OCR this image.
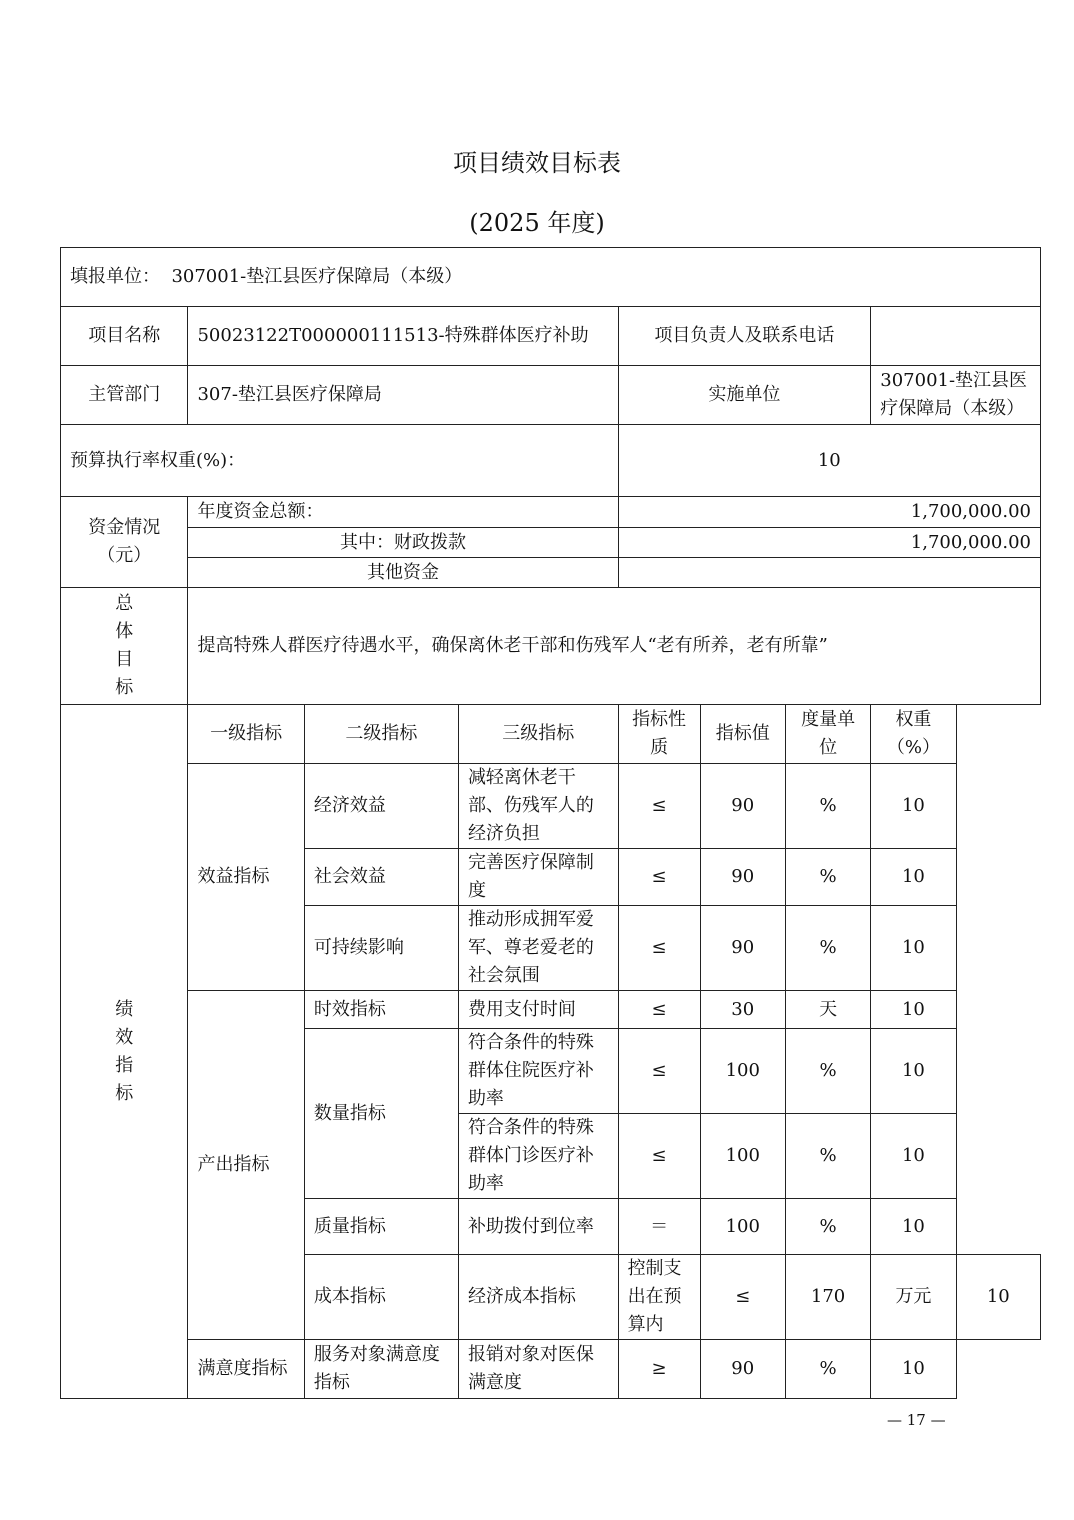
项目绩效目标表
(2025 年度)
填报单位： 307001-垫江县医疗保障局（本级）								
项目名称	50023122T000000111513-特殊群体医疗补助			项目负责人及联系电话				
主管部门	307-垫江县医疗保障局			实施单位			307001-垫江县医疗保障局（本级）	
预算执行率权重(%)：				10				

资金情况
（元）	年度资金总额：			1,700,000.00				
	其中：财政拨款			1,700,000.00				
	其他资金							

总
体
目
标	提高特殊人群医疗待遇水平，确保离休老干部和伤残军人“老有所养，老有所靠”							

绩
效
指
标	一级指标	二级指标	三级指标	指标性质	指标值	度量单位	权重（%）	
	效益指标	经济效益	减轻离休老干部、伤残军人的经济负担	≤	90	%	10	
		社会效益	完善医疗保障制度	≤	90	%	10	
		可持续影响	推动形成拥军爱军、尊老爱老的社会氛围	≤	90	%	10	
	产出指标	时效指标	费用支付时间	≤	30	天	10	
		数量指标	符合条件的特殊群体住院医疗补助率	≤	100	%	10	
			符合条件的特殊群体门诊医疗补助率	≤	100	%	10	
		质量指标	补助拨付到位率	＝	100	%	10	
		成本指标	经济成本指标	控制支出在预算内	≤	170	万元	10
	满意度指标	服务对象满意度指标	报销对象对医保满意度	≥	90	%	10	
— 17 —
